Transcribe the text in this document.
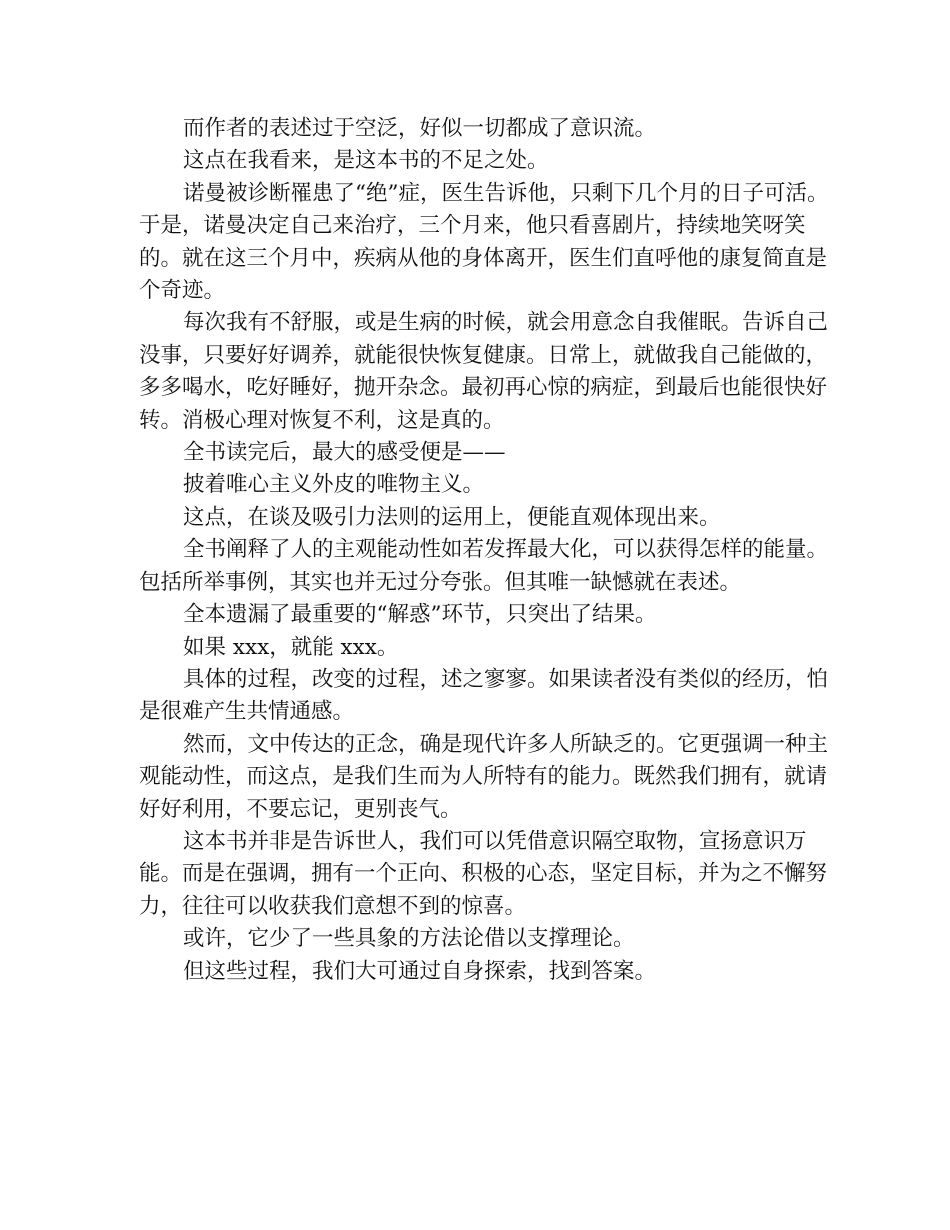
而作者的表述过于空泛，好似一切都成了意识流。

这点在我看来，是这本书的不足之处。

诺曼被诊断罹患了“绝”症，医生告诉他，只剩下几个月的日子可活。于是，诺曼决定自己来治疗，三个月来，他只看喜剧片，持续地笑呀笑的。就在这三个月中，疾病从他的身体离开，医生们直呼他的康复简直是个奇迹。

每次我有不舒服，或是生病的时候，就会用意念自我催眠。告诉自己没事，只要好好调养，就能很快恢复健康。日常上，就做我自己能做的，多多喝水，吃好睡好，抛开杂念。最初再心惊的病症，到最后也能很快好转。消极心理对恢复不利，这是真的。

全书读完后，最大的感受便是——

披着唯心主义外皮的唯物主义。

这点，在谈及吸引力法则的运用上，便能直观体现出来。

全书阐释了人的主观能动性如若发挥最大化，可以获得怎样的能量。包括所举事例，其实也并无过分夸张。但其唯一缺憾就在表述。

全本遗漏了最重要的“解惑”环节，只突出了结果。

如果 xxx，就能 xxx。

具体的过程，改变的过程，述之寥寥。如果读者没有类似的经历，怕是很难产生共情通感。

然而，文中传达的正念，确是现代许多人所缺乏的。它更强调一种主观能动性，而这点，是我们生而为人所特有的能力。既然我们拥有，就请好好利用，不要忘记，更别丧气。

这本书并非是告诉世人，我们可以凭借意识隔空取物，宣扬意识万能。而是在强调，拥有一个正向、积极的心态，坚定目标，并为之不懈努力，往往可以收获我们意想不到的惊喜。

或许，它少了一些具象的方法论借以支撑理论。

但这些过程，我们大可通过自身探索，找到答案。
